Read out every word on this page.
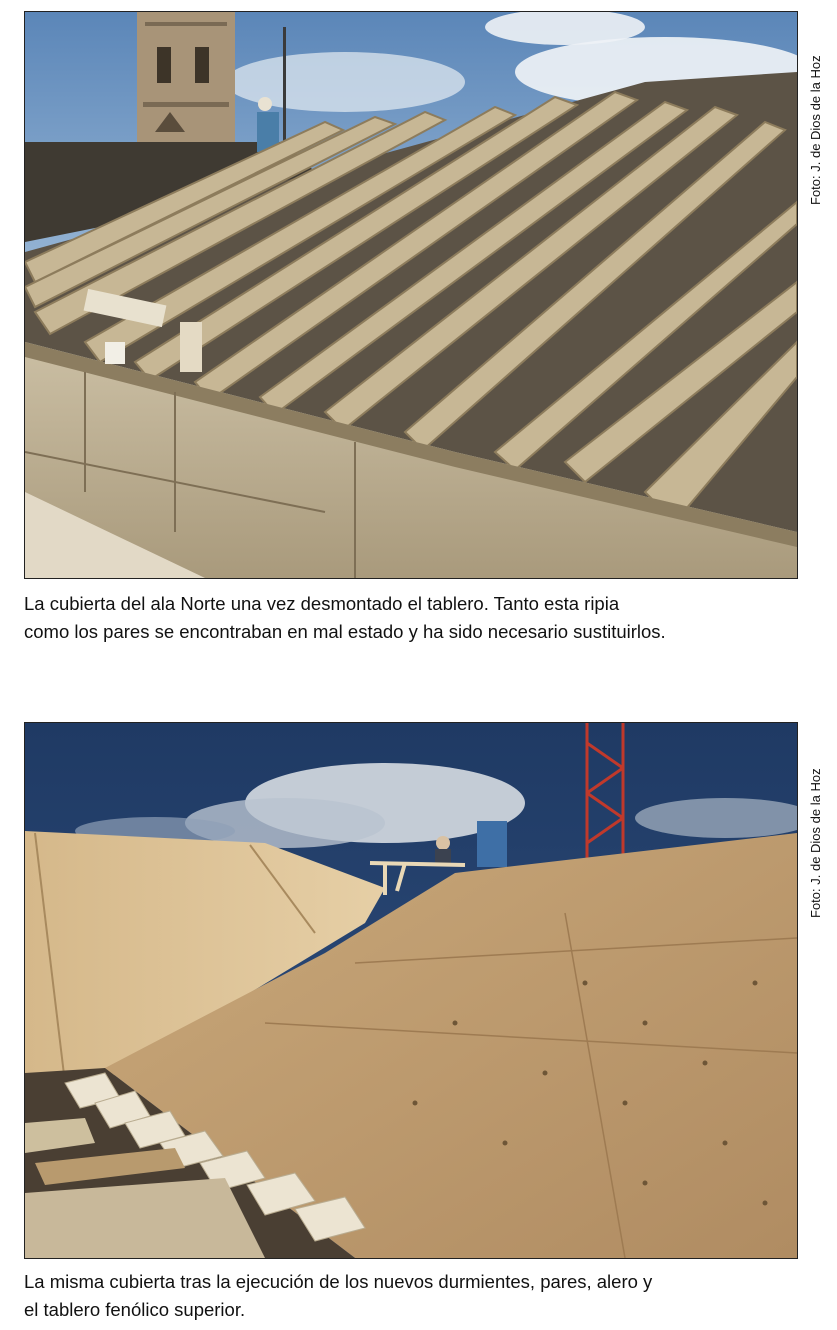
Foto: J. de Dios de la Hoz
La cubierta del ala Norte una vez desmontado el tablero. Tanto esta ripia
como los pares se encontraban en mal estado y ha sido necesario sustituirlos.
Foto: J. de Dios de la Hoz
La misma cubierta tras la ejecución de los nuevos durmientes, pares, alero y
el tablero fenólico superior.
